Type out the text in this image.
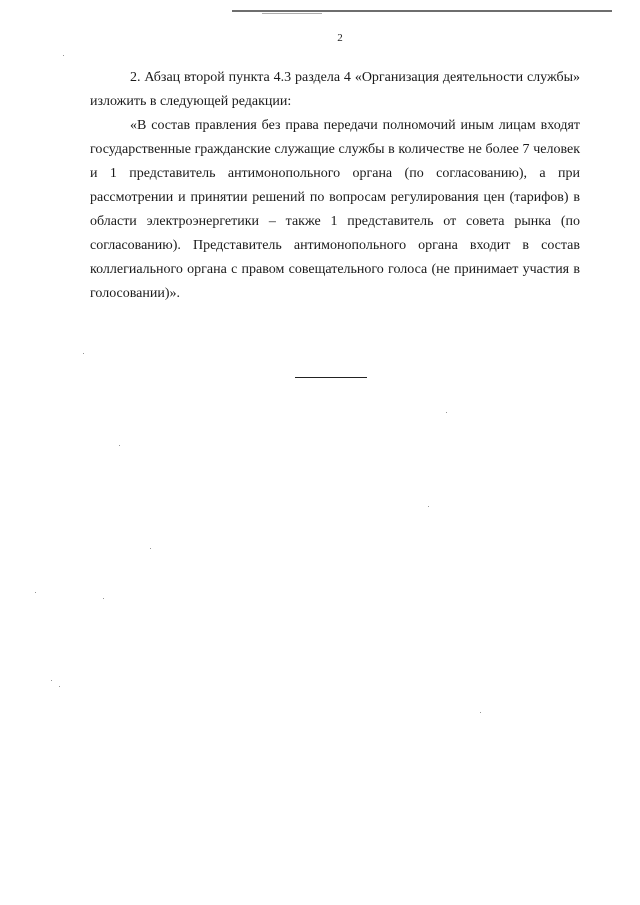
2

2. Абзац второй пункта 4.3 раздела 4 «Организация деятельности службы» изложить в следующей редакции:

«В состав правления без права передачи полномочий иным лицам входят государственные гражданские служащие службы в количестве не более 7 человек и 1 представитель антимонопольного органа (по согласованию), а при рассмотрении и принятии решений по вопросам регулирования цен (тарифов) в области электроэнергетики – также 1 представитель от совета рынка (по согласованию). Представитель антимонопольного органа входит в состав коллегиального органа с правом совещательного голоса (не принимает участия в голосовании)».
